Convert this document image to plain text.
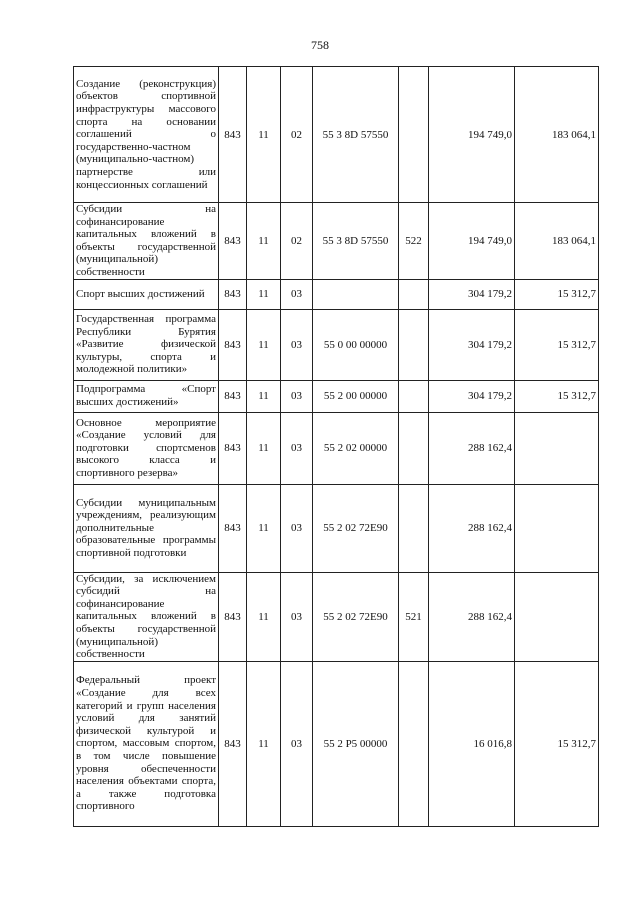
758
Создание (реконструкция) объектов спортивной инфраструктуры массового спорта на основании соглашений о государственно-частном (муниципально-частном) партнерстве или концессионных соглашений	843	11	02	55 3 8D 57550		194 749,0	183 064,1
Субсидии на софинансирование капитальных вложений в объекты государственной (муниципальной) собственности	843	11	02	55 3 8D 57550	522	194 749,0	183 064,1
Спорт высших достижений	843	11	03			304 179,2	15 312,7
Государственная программа Республики Бурятия «Развитие физической культуры, спорта и молодежной политики»	843	11	03	55 0 00 00000		304 179,2	15 312,7
Подпрограмма «Спорт высших достижений»	843	11	03	55 2 00 00000		304 179,2	15 312,7
Основное мероприятие «Создание условий для подготовки спортсменов высокого класса и спортивного резерва»	843	11	03	55 2 02 00000		288 162,4	
Субсидии муниципальным учреждениям, реализующим дополнительные образовательные программы спортивной подготовки	843	11	03	55 2 02 72Е90		288 162,4	
Субсидии, за исключением субсидий на софинансирование капитальных вложений в объекты государственной (муниципальной) собственности	843	11	03	55 2 02 72Е90	521	288 162,4	
Федеральный проект «Создание для всех категорий и групп населения условий для занятий физической культурой и спортом, массовым спортом, в том числе повышение уровня обеспеченности населения объектами спорта, а также подготовка спортивного	843	11	03	55 2 P5 00000		16 016,8	15 312,7
